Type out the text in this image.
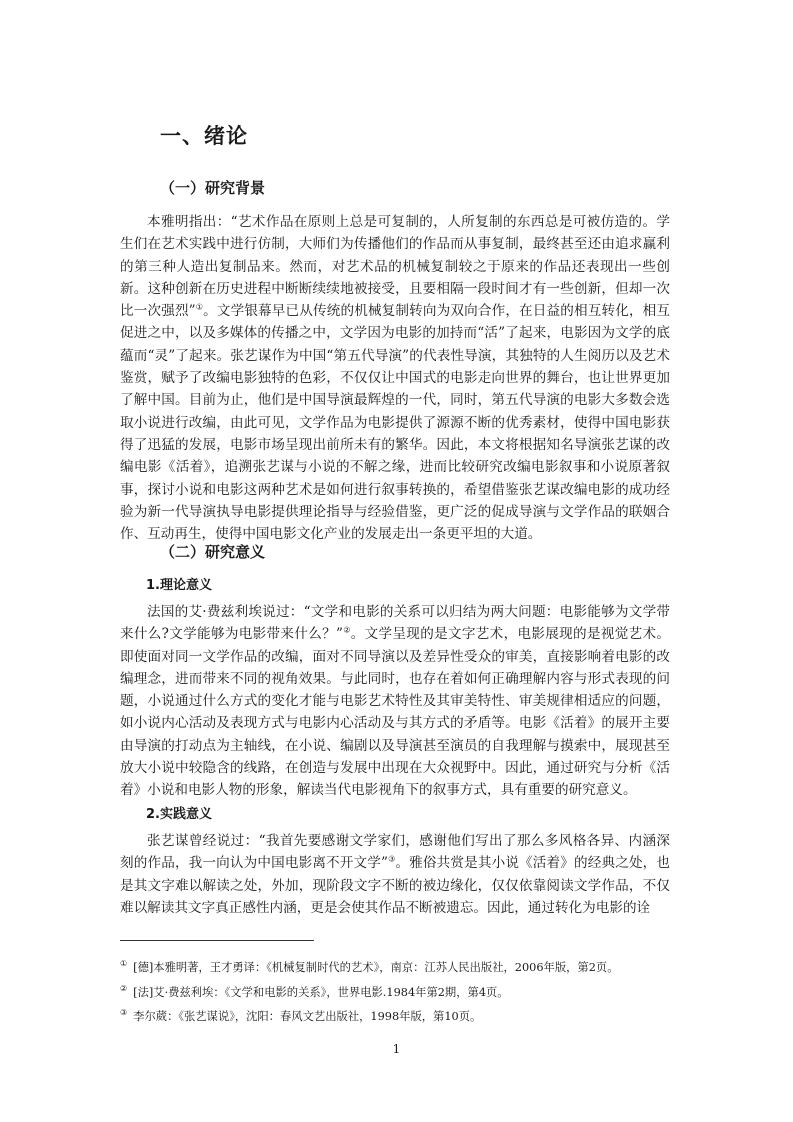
一、绪论
（一）研究背景

本雅明指出：“艺术作品在原则上总是可复制的，人所复制的东西总是可被仿造的。学生们在艺术实践中进行仿制，大师们为传播他们的作品而从事复制，最终甚至还由追求赢利的第三种人造出复制品来。然而，对艺术品的机械复制较之于原来的作品还表现出一些创新。这种创新在历史进程中断断续续地被接受，且要相隔一段时间才有一些创新，但却一次比一次强烈”①。文学银幕早已从传统的机械复制转向为双向合作，在日益的相互转化，相互促进之中，以及多媒体的传播之中，文学因为电影的加持而“活”了起来，电影因为文学的底蕴而“灵”了起来。张艺谋作为中国“第五代导演”的代表性导演，其独特的人生阅历以及艺术鉴赏，赋予了改编电影独特的色彩，不仅仅让中国式的电影走向世界的舞台，也让世界更加了解中国。目前为止，他们是中国导演最辉煌的一代，同时，第五代导演的电影大多数会选取小说进行改编，由此可见，文学作品为电影提供了源源不断的优秀素材，使得中国电影获得了迅猛的发展，电影市场呈现出前所未有的繁华。因此，本文将根据知名导演张艺谋的改编电影《活着》，追溯张艺谋与小说的不解之缘，进而比较研究改编电影叙事和小说原著叙事，探讨小说和电影这两种艺术是如何进行叙事转换的，希望借鉴张艺谋改编电影的成功经验为新一代导演执导电影提供理论指导与经验借鉴，更广泛的促成导演与文学作品的联姻合作、互动再生，使得中国电影文化产业的发展走出一条更平坦的大道。

（二）研究意义
1.理论意义

法国的艾·费兹利埃说过：“文学和电影的关系可以归结为两大问题：电影能够为文学带来什么?文学能够为电影带来什么？”②。文学呈现的是文字艺术，电影展现的是视觉艺术。即使面对同一文学作品的改编，面对不同导演以及差异性受众的审美，直接影响着电影的改编理念，进而带来不同的视角效果。与此同时，也存在着如何正确理解内容与形式表现的问题，小说通过什么方式的变化才能与电影艺术特性及其审美特性、审美规律相适应的问题，如小说内心活动及表现方式与电影内心活动及与其方式的矛盾等。电影《活着》的展开主要由导演的打动点为主轴线，在小说、编剧以及导演甚至演员的自我理解与摸索中，展现甚至放大小说中较隐含的线路，在创造与发展中出现在大众视野中。因此，通过研究与分析《活着》小说和电影人物的形象，解读当代电影视角下的叙事方式，具有重要的研究意义。

2.实践意义

张艺谋曾经说过：“我首先要感谢文学家们，感谢他们写出了那么多风格各异、内涵深刻的作品，我一向认为中国电影离不开文学”③。雅俗共赏是其小说《活着》的经典之处，也是其文字难以解读之处，外加，现阶段文字不断的被边缘化，仅仅依靠阅读文学作品，不仅难以解读其文字真正感性内涵，更是会使其作品不断被遗忘。因此，通过转化为电影的诠

① [德]本雅明著，王才勇译：《机械复制时代的艺术》，南京：江苏人民出版社，2006年版，第2页。
② [法]艾·费兹利埃：《文学和电影的关系》，世界电影.1984年第2期，第4页。
③ 李尔葳：《张艺谋说》，沈阳：春风文艺出版社，1998年版，第10页。
1
